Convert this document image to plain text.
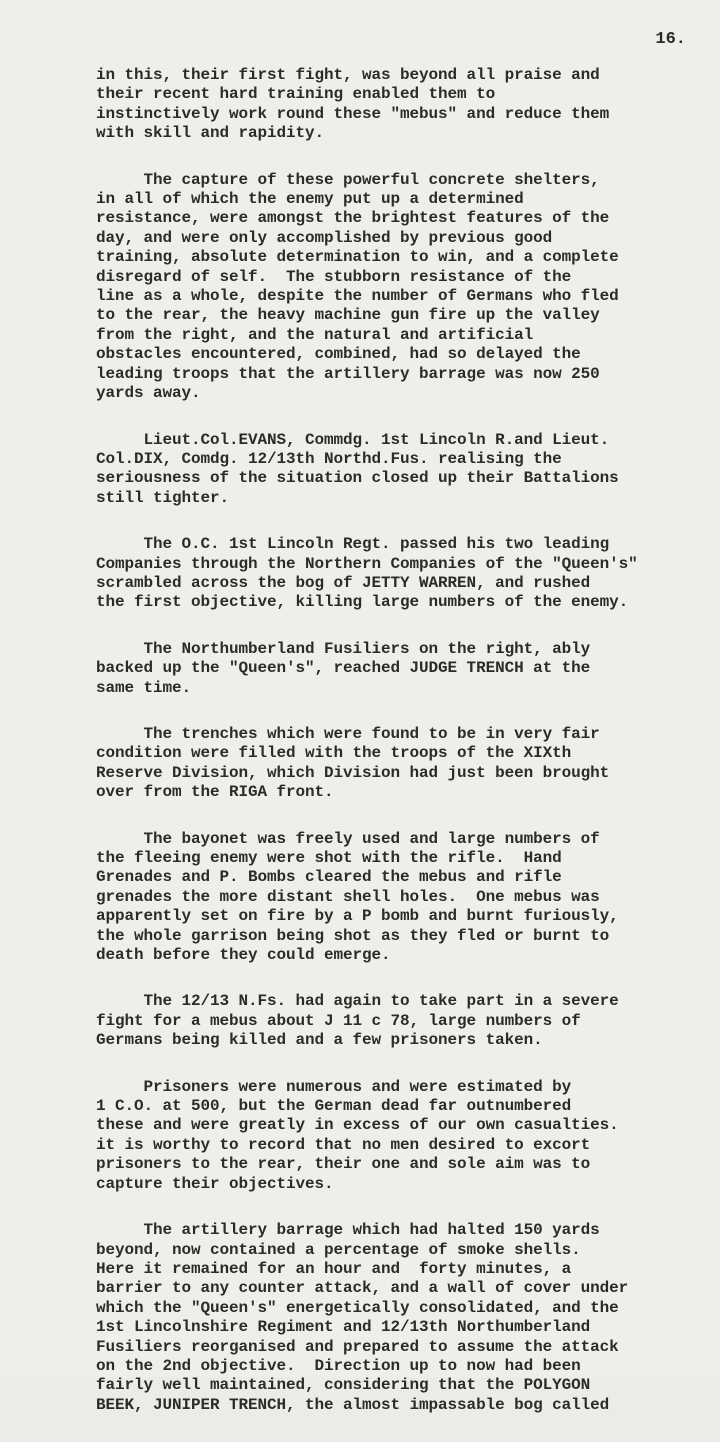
16.
in this, their first fight, was beyond all praise and
their recent hard training enabled them to
instinctively work round these "mebus" and reduce them
with skill and rapidity.
The capture of these powerful concrete shelters,
in all of which the enemy put up a determined
resistance, were amongst the brightest features of the
day, and were only accomplished by previous good
training, absolute determination to win, and a complete
disregard of self.  The stubborn resistance of the
line as a whole, despite the number of Germans who fled
to the rear, the heavy machine gun fire up the valley
from the right, and the natural and artificial
obstacles encountered, combined, had so delayed the
leading troops that the artillery barrage was now 250
yards away.
Lieut.Col.EVANS, Commdg. 1st Lincoln R.and Lieut.
Col.DIX, Comdg. 12/13th Northd.Fus. realising the
seriousness of the situation closed up their Battalions
still tighter.
The O.C. 1st Lincoln Regt. passed his two leading
Companies through the Northern Companies of the "Queen's"
scrambled across the bog of JETTY WARREN, and rushed
the first objective, killing large numbers of the enemy.
The Northumberland Fusiliers on the right, ably
backed up the "Queen's", reached JUDGE TRENCH at the
same time.
The trenches which were found to be in very fair
condition were filled with the troops of the XIXth
Reserve Division, which Division had just been brought
over from the RIGA front.
The bayonet was freely used and large numbers of
the fleeing enemy were shot with the rifle.  Hand
Grenades and P. Bombs cleared the mebus and rifle
grenades the more distant shell holes.  One mebus was
apparently set on fire by a P bomb and burnt furiously,
the whole garrison being shot as they fled or burnt to
death before they could emerge.
The 12/13 N.Fs. had again to take part in a severe
fight for a mebus about J 11 c 78, large numbers of
Germans being killed and a few prisoners taken.
Prisoners were numerous and were estimated by
1 C.O. at 500, but the German dead far outnumbered
these and were greatly in excess of our own casualties.
it is worthy to record that no men desired to excort
prisoners to the rear, their one and sole aim was to
capture their objectives.
The artillery barrage which had halted 150 yards
beyond, now contained a percentage of smoke shells.
Here it remained for an hour and  forty minutes, a
barrier to any counter attack, and a wall of cover under
which the "Queen's" energetically consolidated, and the
1st Lincolnshire Regiment and 12/13th Northumberland
Fusiliers reorganised and prepared to assume the attack
on the 2nd objective.  Direction up to now had been
fairly well maintained, considering that the POLYGON
BEEK, JUNIPER TRENCH, the almost impassable bog called
